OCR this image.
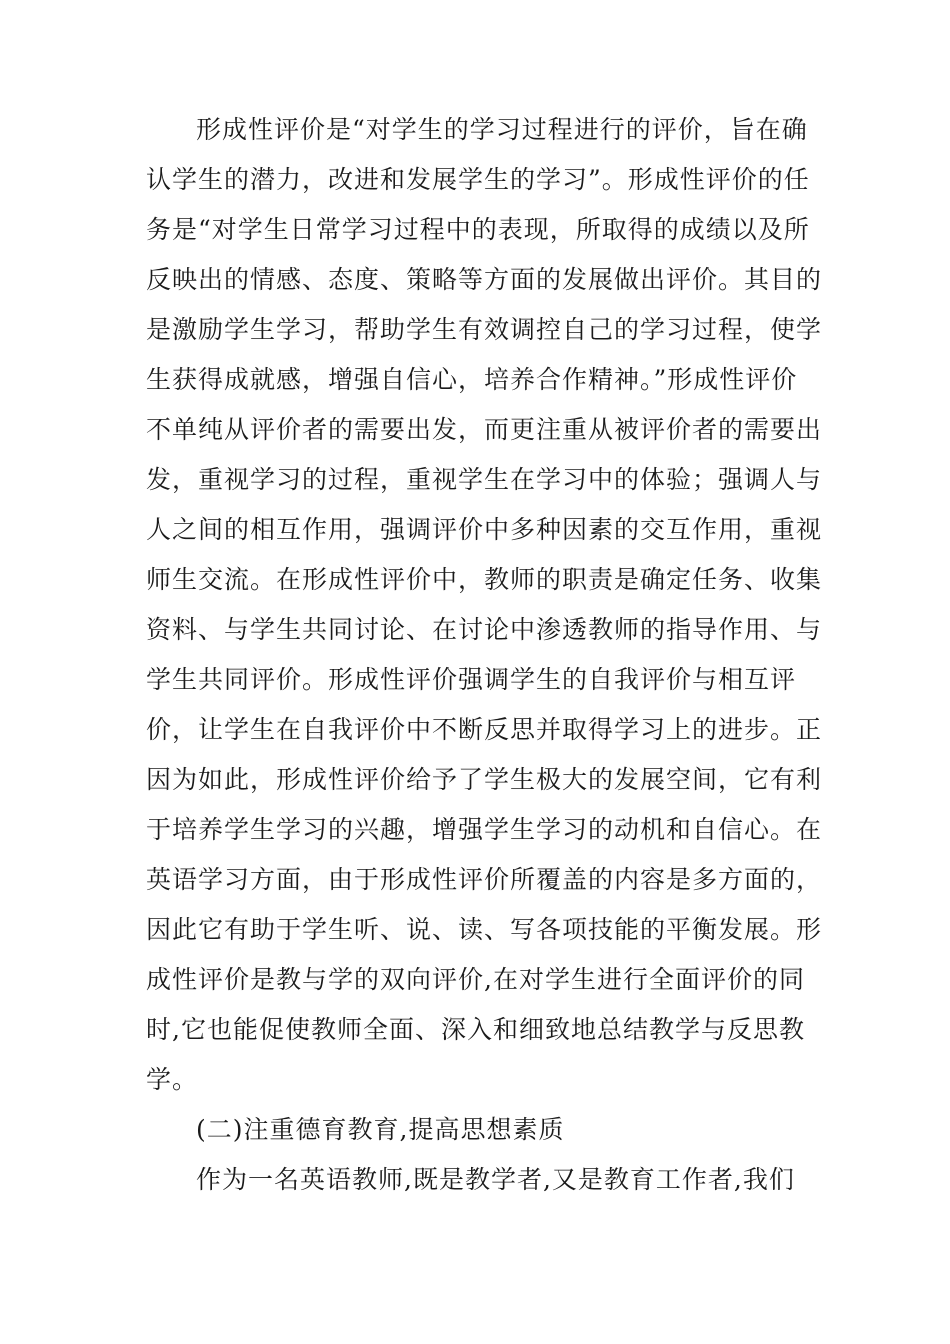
形成性评价是“对学生的学习过程进行的评价，旨在确
认学生的潜力，改进和发展学生的学习”。形成性评价的任
务是“对学生日常学习过程中的表现，所取得的成绩以及所
反映出的情感、态度、策略等方面的发展做出评价。其目的
是激励学生学习，帮助学生有效调控自己的学习过程，使学
生获得成就感，增强自信心，培养合作精神。”形成性评价
不单纯从评价者的需要出发，而更注重从被评价者的需要出
发，重视学习的过程，重视学生在学习中的体验；强调人与
人之间的相互作用，强调评价中多种因素的交互作用，重视
师生交流。在形成性评价中，教师的职责是确定任务、收集
资料、与学生共同讨论、在讨论中渗透教师的指导作用、与
学生共同评价。形成性评价强调学生的自我评价与相互评
价，让学生在自我评价中不断反思并取得学习上的进步。正
因为如此，形成性评价给予了学生极大的发展空间，它有利
于培养学生学习的兴趣，增强学生学习的动机和自信心。在
英语学习方面，由于形成性评价所覆盖的内容是多方面的，
因此它有助于学生听、说、读、写各项技能的平衡发展。形
成性评价是教与学的双向评价,在对学生进行全面评价的同
时,它也能促使教师全面、深入和细致地总结教学与反思教
学。
(二)注重德育教育,提高思想素质
作为一名英语教师,既是教学者,又是教育工作者,我们
